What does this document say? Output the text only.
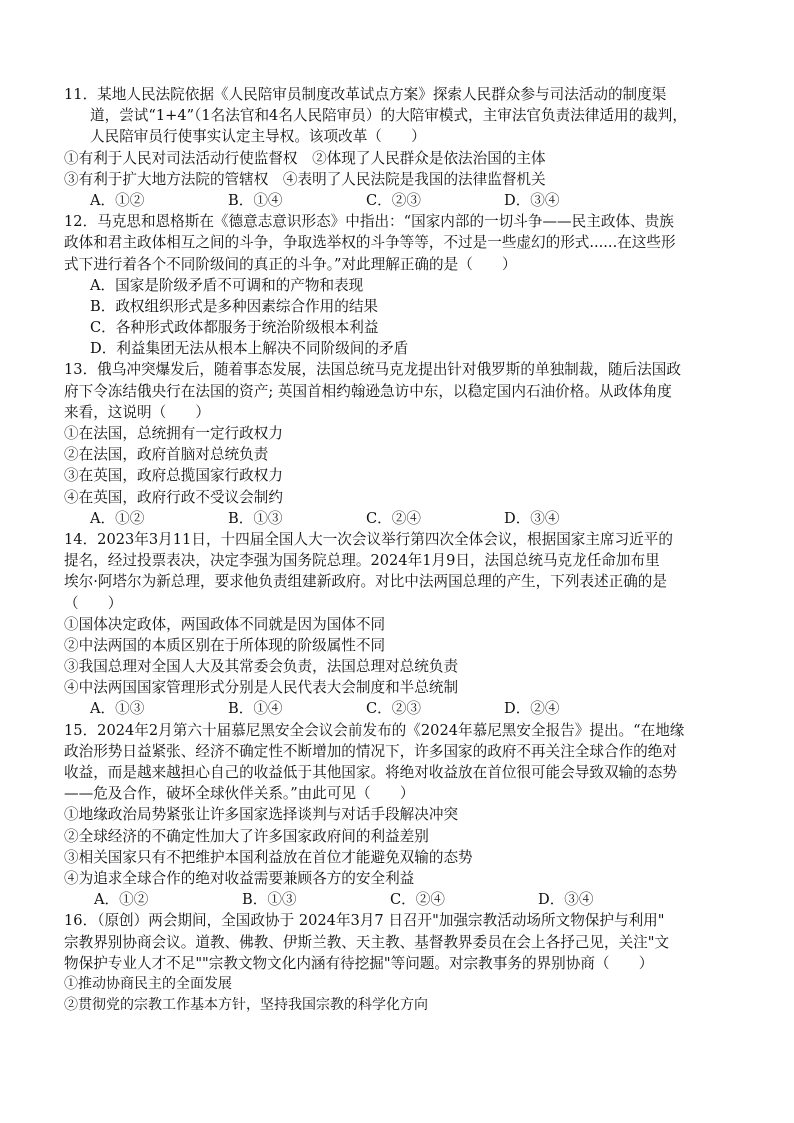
11．某地人民法院依据《人民陪审员制度改革试点方案》探索人民群众参与司法活动的制度渠
道，尝试“1+4”（1名法官和4名人民陪审员）的大陪审模式，主审法官负责法律适用的裁判，
人民陪审员行使事实认定主导权。该项改革（　　）
①有利于人民对司法活动行使监督权　②体现了人民群众是依法治国的主体
③有利于扩大地方法院的管辖权　④表明了人民法院是我国的法律监督机关
A．①②	B．①④	C．②③	D．③④
12．马克思和恩格斯在《德意志意识形态》中指出：“国家内部的一切斗争——民主政体、贵族
政体和君主政体相互之间的斗争，争取选举权的斗争等等，不过是一些虚幻的形式......在这些形
式下进行着各个不同阶级间的真正的斗争。”对此理解正确的是（　　）
A．国家是阶级矛盾不可调和的产物和表现
B．政权组织形式是多种因素综合作用的结果
C．各种形式政体都服务于统治阶级根本利益
D．利益集团无法从根本上解决不同阶级间的矛盾
13．俄乌冲突爆发后，随着事态发展，法国总统马克龙提出针对俄罗斯的单独制裁，随后法国政
府下令冻结俄央行在法国的资产; 英国首相约翰逊急访中东，以稳定国内石油价格。从政体角度
来看，这说明（　　）
①在法国，总统拥有一定行政权力
②在法国，政府首脑对总统负责
③在英国，政府总揽国家行政权力
④在英国，政府行政不受议会制约
A．①②	B．①③	C．②④	D．③④
14．2023年3月11日，十四届全国人大一次会议举行第四次全体会议，根据国家主席习近平的
提名，经过投票表决，决定李强为国务院总理。2024年1月9日，法国总统马克龙任命加布里
埃尔·阿塔尔为新总理，要求他负责组建新政府。对比中法两国总理的产生，下列表述正确的是
（　　）
①国体决定政体，两国政体不同就是因为国体不同
②中法两国的本质区别在于所体现的阶级属性不同
③我国总理对全国人大及其常委会负责，法国总理对总统负责
④中法两国国家管理形式分别是人民代表大会制度和半总统制
A．①③	B．①④	C．②③	D．②④
15．2024年2月第六十届慕尼黑安全会议会前发布的《2024年慕尼黑安全报告》提出。“在地缘
政治形势日益紧张、经济不确定性不断增加的情况下，许多国家的政府不再关注全球合作的绝对
收益，而是越来越担心自己的收益低于其他国家。将绝对收益放在首位很可能会导致双输的态势
——危及合作，破坏全球伙伴关系。”由此可见（　　）
①地缘政治局势紧张让许多国家选择谈判与对话手段解决冲突
②全球经济的不确定性加大了许多国家政府间的利益差别
③相关国家只有不把维护本国利益放在首位才能避免双输的态势
④为追求全球合作的绝对收益需要兼顾各方的安全利益
A．①②	B．①③	C．②④	D．③④
16．（原创）两会期间，全国政协于 2024年3月7 日召开"加强宗教活动场所文物保护与利用"
宗教界别协商会议。道教、佛教、伊斯兰教、天主教、基督教界委员在会上各抒己见，关注"文
物保护专业人才不足""宗教文物文化内涵有待挖掘"等问题。对宗教事务的界别协商（　　）
①推动协商民主的全面发展
②贯彻党的宗教工作基本方针，坚持我国宗教的科学化方向
